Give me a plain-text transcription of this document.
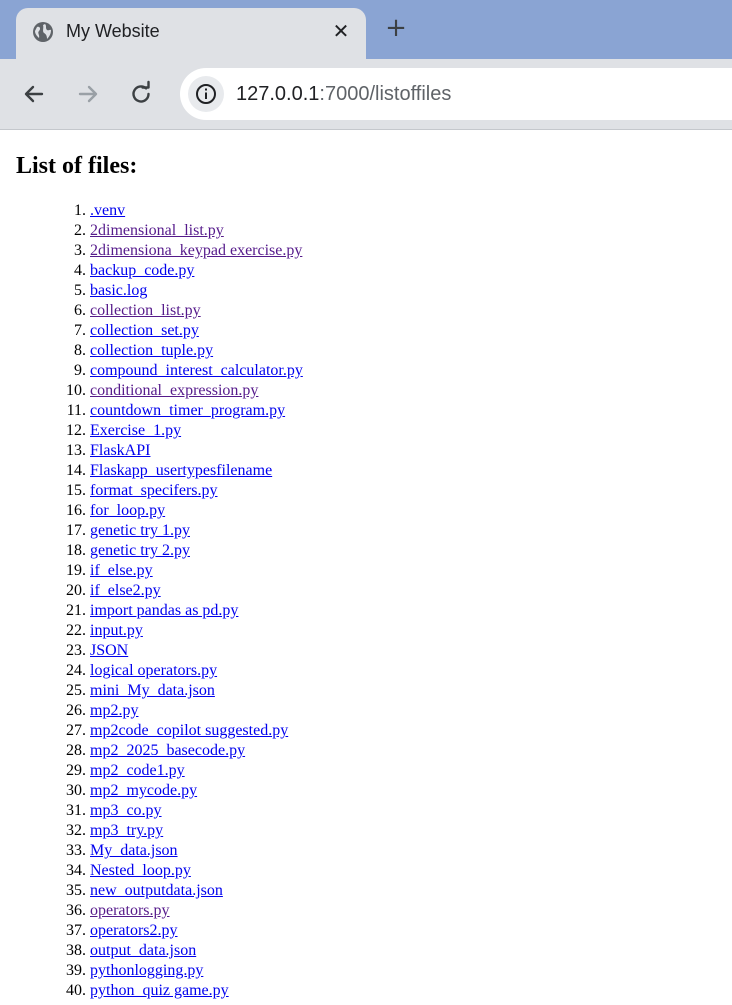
My Website	✕ +
127.0.0.1:7000/listoffiles
List of files:
1. .venv
2. 2dimensional_list.py
3. 2dimensiona_keypad exercise.py
4. backup_code.py
5. basic.log
6. collection_list.py
7. collection_set.py
8. collection_tuple.py
9. compound_interest_calculator.py
10. conditional_expression.py
11. countdown_timer_program.py
12. Exercise_1.py
13. FlaskAPI
14. Flaskapp_usertypesfilename
15. format_specifers.py
16. for_loop.py
17. genetic try 1.py
18. genetic try 2.py
19. if_else.py
20. if_else2.py
21. import pandas as pd.py
22. input.py
23. JSON
24. logical operators.py
25. mini_My_data.json
26. mp2.py
27. mp2code_copilot suggested.py
28. mp2_2025_basecode.py
29. mp2_code1.py
30. mp2_mycode.py
31. mp3_co.py
32. mp3_try.py
33. My_data.json
34. Nested_loop.py
35. new_outputdata.json
36. operators.py
37. operators2.py
38. output_data.json
39. pythonlogging.py
40. python_quiz game.py
